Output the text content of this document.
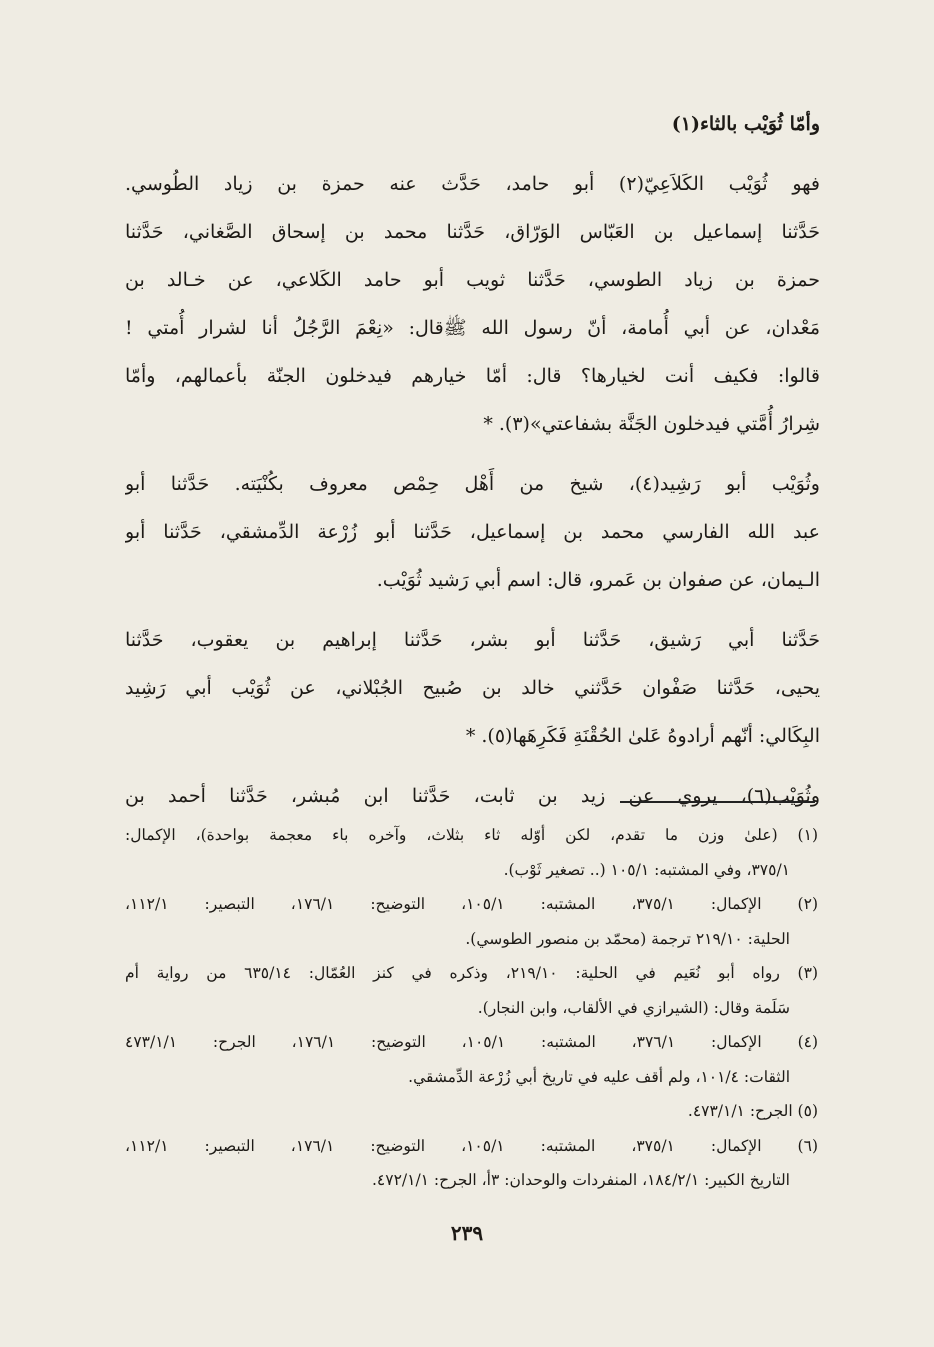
وأمّا ثُوَيْب بالثاء(١)
فهو ثُوَيْب الكَلاَعِيّ(٢) أبو حامد، حَدَّث عنه حمزة بن زياد الطُوسي.
حَدَّثنا إسماعيل بن العَبّاس الوَرّاق، حَدَّثنا محمد بن إسحاق الصَّغاني، حَدَّثنا
حمزة بن زياد الطوسي، حَدَّثنا ثويب أبو حامد الكَلاعي، عن خـالد بن
مَعْدان، عن أبي أُمامة، أنّ رسول الله ﷺقال: «نِعْمَ الرَّجُلُ أنا لشرار أُمتي !
قالوا: فكيف أنت لخيارها؟ قال: أمّا خيارهم فيدخلون الجنّة بأعمالهم، وأمّا
شِرارُ أُمَّتي فيدخلون الجَنَّة بشفاعتي»(٣). *
وثُوَيْب أبو رَشِيد(٤)، شيخ من أَهْل حِمْص معروف بكُنْيَته. حَدَّثنا أبو
عبد الله الفارسي محمد بن إسماعيل، حَدَّثنا أبو زُرْعة الدِّمشقي، حَدَّثنا أبو
الـيمان، عن صفوان بن عَمرو، قال: اسم أبي رَشيد ثُوَيْب.
حَدَّثنا أبي رَشيق، حَدَّثنا أبو بشر، حَدَّثنا إبراهيم بن يعقوب، حَدَّثنا
يحيى، حَدَّثنا صَفْوان حَدَّثني خالد بن صُبيح الجُبْلاني، عن ثُوَيْب أبي رَشِيد
البِكَالي: أنّهم أرادوهُ عَلىٰ الحُقْنَةِ فَكَرِهَها(٥). *
وثُوَيْب(٦)، يروي عن زيد بن ثابت، حَدَّثنا ابن مُبشر، حَدَّثنا أحمد بن
(١) (علىٰ وزن ما تقدم، لكن أوّله ثاء بثلاث، وآخره باء معجمة بواحدة)، الإكمال:
٣٧٥/١، وفي المشتبه: ١٠٥/١ (.. تصغير ثَوْب).
(٢) الإكمال: ٣٧٥/١، المشتبه: ١٠٥/١، التوضيح: ١٧٦/١، التبصير: ١١٢/١،
الحلية: ٢١٩/١٠ ترجمة (محمّد بن منصور الطوسي).
(٣) رواه أبو نُعَيم في الحلية: ٢١٩/١٠، وذكره في كنز العُمّال: ٦٣٥/١٤ من رواية أم
سَلَمة وقال: (الشيرازي في الألقاب، وابن النجار).
(٤) الإكمال: ٣٧٦/١، المشتبه: ١٠٥/١، التوضيح: ١٧٦/١، الجرح: ٤٧٣/١/١
الثقات: ١٠١/٤، ولم أقف عليه في تاريخ أبي زُرْعة الدِّمشقي.
(٥) الجرح: ٤٧٣/١/١.
(٦) الإكمال: ٣٧٥/١، المشتبه: ١٠٥/١، التوضيح: ١٧٦/١، التبصير: ١١٢/١،
التاريخ الكبير: ١٨٤/٢/١، المنفردات والوحدان: ٣أ، الجرح: ٤٧٢/١/١.
٢٣٩
